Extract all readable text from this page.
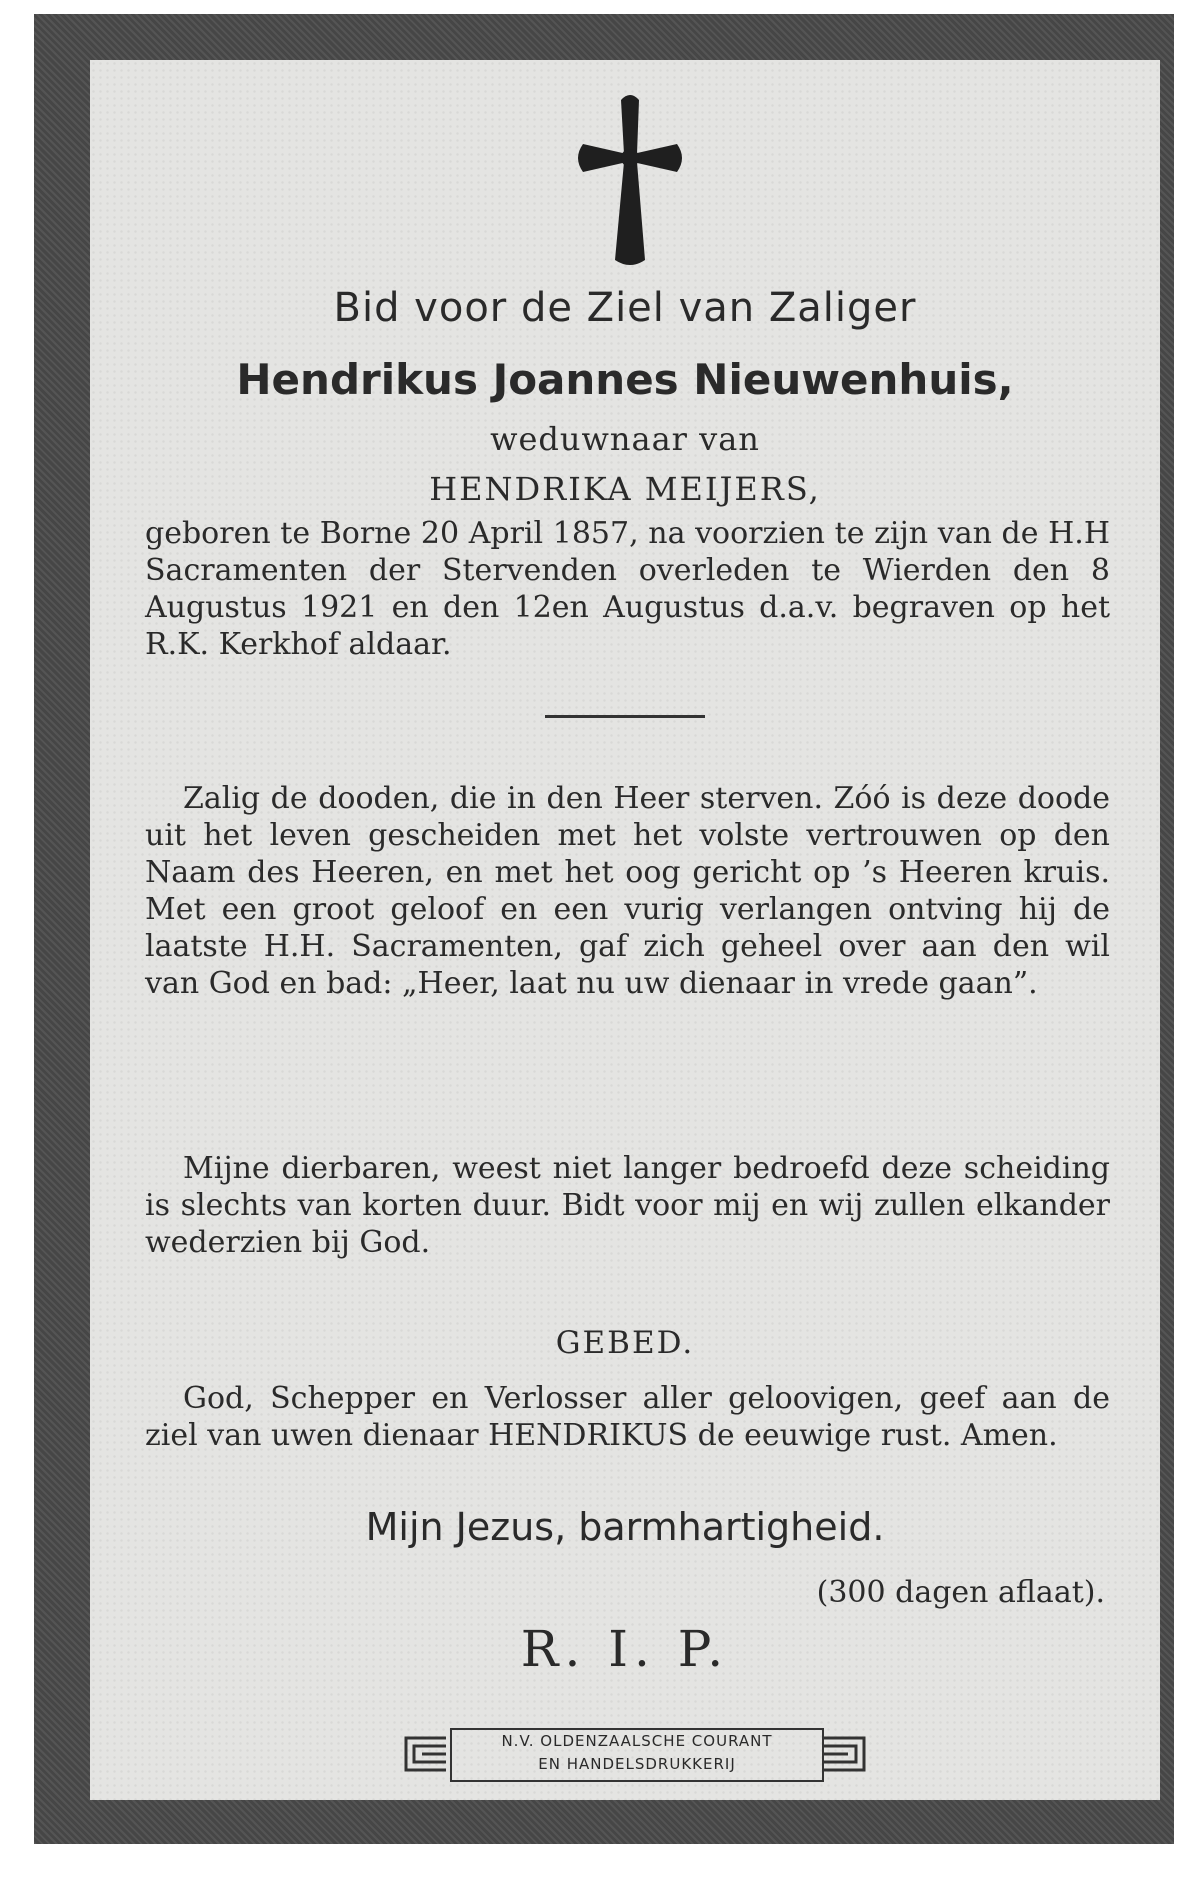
Bid voor de Ziel van Zaliger
Hendrikus Joannes Nieuwenhuis,
weduwnaar van
HENDRIKA MEIJERS,

geboren te Borne 20 April 1857, na voorzien te zijn van de H.H Sacramenten der Stervenden overleden te Wierden den 8 Augustus 1921 en den 12en Augustus d.a.v. begraven op het R.K. Kerkhof aldaar.

Zalig de dooden, die in den Heer sterven. Zóó is deze doode uit het leven gescheiden met het volste vertrouwen op den Naam des Heeren, en met het oog gericht op ’s Heeren kruis. Met een groot geloof en een vurig verlangen ontving hij de laatste H.H. Sacramenten, gaf zich geheel over aan den wil van God en bad: „Heer, laat nu uw dienaar in vrede gaan”.

Mijne dierbaren, weest niet langer bedroefd deze scheiding is slechts van korten duur. Bidt voor mij en wij zullen elkander wederzien bij God.

GEBED.

God, Schepper en Verlosser aller geloovigen, geef aan de ziel van uwen dienaar HENDRIKUS de eeuwige rust. Amen.

Mijn Jezus, barmhartigheid.
(300 dagen aflaat).
R. I. P.
N.V. OLDENZAALSCHE COURANT
EN HANDELSDRUKKERIJ
